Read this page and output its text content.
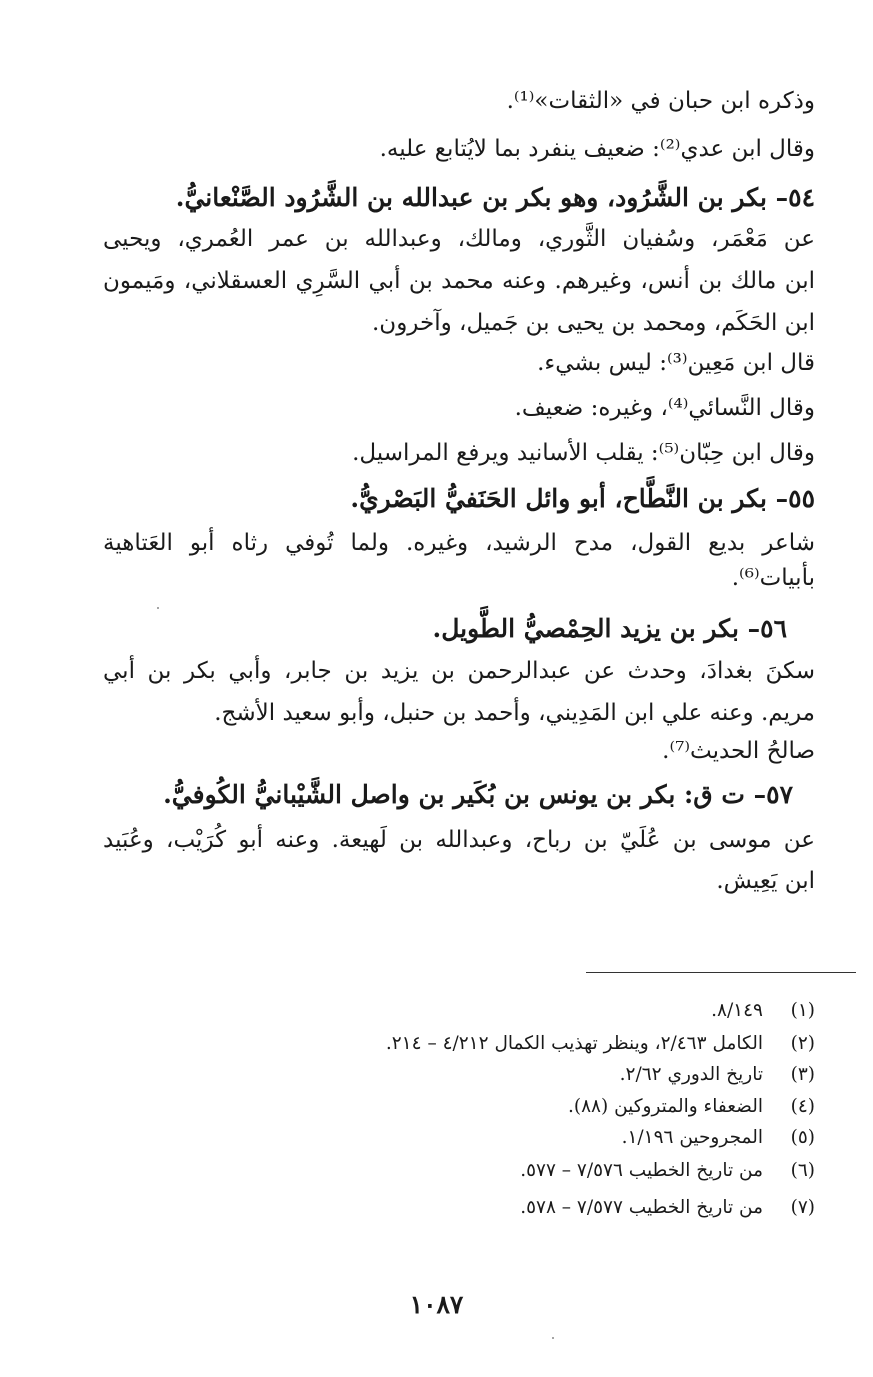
وذكره ابن حبان في «الثقات»⁽¹⁾.
وقال ابن عدي⁽²⁾: ضعيف ينفرد بما لايُتابع عليه.
٥٤– بكر بن الشَّرُود، وهو بكر بن عبدالله بن الشَّرُود الصَّنْعانيُّ.
عن مَعْمَر، وسُفيان الثَّوري، ومالك، وعبدالله بن عمر العُمري، ويحيى
ابن مالك بن أنس، وغيرهم. وعنه محمد بن أبي السَّرِي العسقلاني، ومَيمون
ابن الحَكَم، ومحمد بن يحيى بن جَميل، وآخرون.
قال ابن مَعِين⁽³⁾: ليس بشيء.
وقال النَّسائي⁽⁴⁾، وغيره: ضعيف.
وقال ابن حِبّان⁽⁵⁾: يقلب الأسانيد ويرفع المراسيل.
٥٥– بكر بن النَّطَّاح، أبو وائل الحَنَفيُّ البَصْريُّ.
شاعر بديع القول، مدح الرشيد، وغيره. ولما تُوفي رثاه أبو العَتاهية
بأبيات⁽⁶⁾.
٥٦– بكر بن يزيد الحِمْصيُّ الطَّويل.
سكنَ بغدادَ، وحدث عن عبدالرحمن بن يزيد بن جابر، وأبي بكر بن أبي
مريم. وعنه علي ابن المَدِيني، وأحمد بن حنبل، وأبو سعيد الأشج.
صالحُ الحديث⁽⁷⁾.
٥٧– ت ق: بكر بن يونس بن بُكَير بن واصل الشَّيْبانيُّ الكُوفيُّ.
عن موسى بن عُلَيّ بن رباح، وعبدالله بن لَهيعة. وعنه أبو كُرَيْب، وعُبَيد
ابن يَعِيش.
(١)٨/١٤٩.
(٢)الكامل ٢/٤٦٣، وينظر تهذيب الكمال ٤/٢١٢ – ٢١٤.
(٣)تاريخ الدوري ٢/٦٢.
(٤)الضعفاء والمتروكين (٨٨).
(٥)المجروحين ١/١٩٦.
(٦)من تاريخ الخطيب ٧/٥٧٦ – ٥٧٧.
(٧)من تاريخ الخطيب ٧/٥٧٧ – ٥٧٨.
١٠٨٧
